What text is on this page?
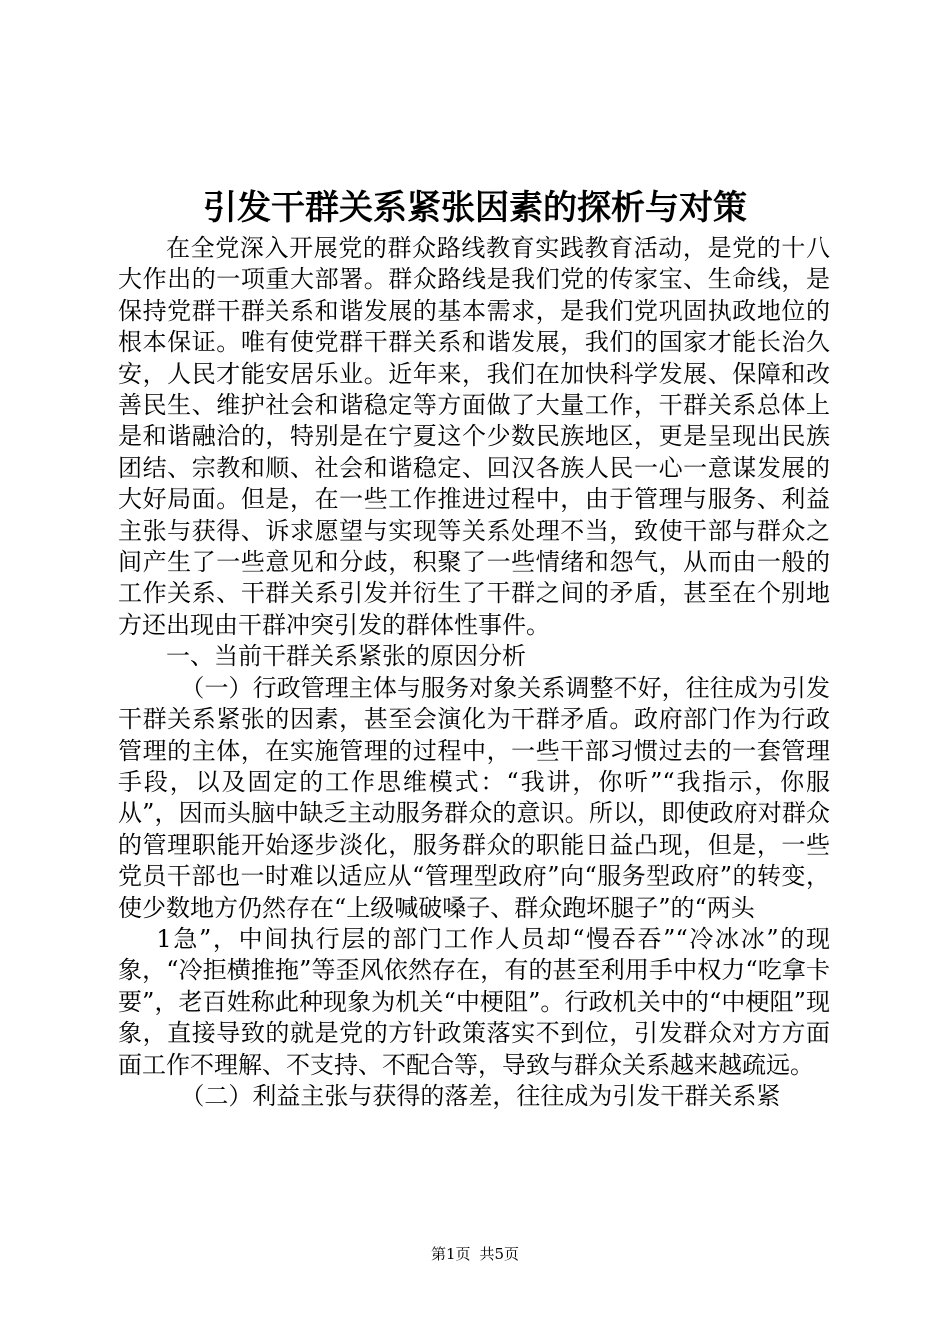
引发干群关系紧张因素的探析与对策

在全党深入开展党的群众路线教育实践教育活动，是党的十八大作出的一项重大部署。群众路线是我们党的传家宝、生命线，是保持党群干群关系和谐发展的基本需求，是我们党巩固执政地位的根本保证。唯有使党群干群关系和谐发展，我们的国家才能长治久安，人民才能安居乐业。近年来，我们在加快科学发展、保障和改善民生、维护社会和谐稳定等方面做了大量工作，干群关系总体上是和谐融洽的，特别是在宁夏这个少数民族地区，更是呈现出民族团结、宗教和顺、社会和谐稳定、回汉各族人民一心一意谋发展的大好局面。但是，在一些工作推进过程中，由于管理与服务、利益主张与获得、诉求愿望与实现等关系处理不当，致使干部与群众之间产生了一些意见和分歧，积聚了一些情绪和怨气，从而由一般的工作关系、干群关系引发并衍生了干群之间的矛盾，甚至在个别地方还出现由干群冲突引发的群体性事件。

一、当前干群关系紧张的原因分析

（一）行政管理主体与服务对象关系调整不好，往往成为引发干群关系紧张的因素，甚至会演化为干群矛盾。政府部门作为行政管理的主体，在实施管理的过程中，一些干部习惯过去的一套管理手段，以及固定的工作思维模式：“我讲，你听”“我指示，你服从”，因而头脑中缺乏主动服务群众的意识。所以，即使政府对群众的管理职能开始逐步淡化，服务群众的职能日益凸现，但是，一些党员干部也一时难以适应从“管理型政府”向“服务型政府”的转变，使少数地方仍然存在“上级喊破嗓子、群众跑坏腿子”的“两头

1急”，中间执行层的部门工作人员却“慢吞吞”“冷冰冰”的现象，“冷拒横推拖”等歪风依然存在，有的甚至利用手中权力“吃拿卡要”，老百姓称此种现象为机关“中梗阻”。行政机关中的“中梗阻”现象，直接导致的就是党的方针政策落实不到位，引发群众对方方面面工作不理解、不支持、不配合等，导致与群众关系越来越疏远。

（二）利益主张与获得的落差，往往成为引发干群关系紧

第1页 共5页
